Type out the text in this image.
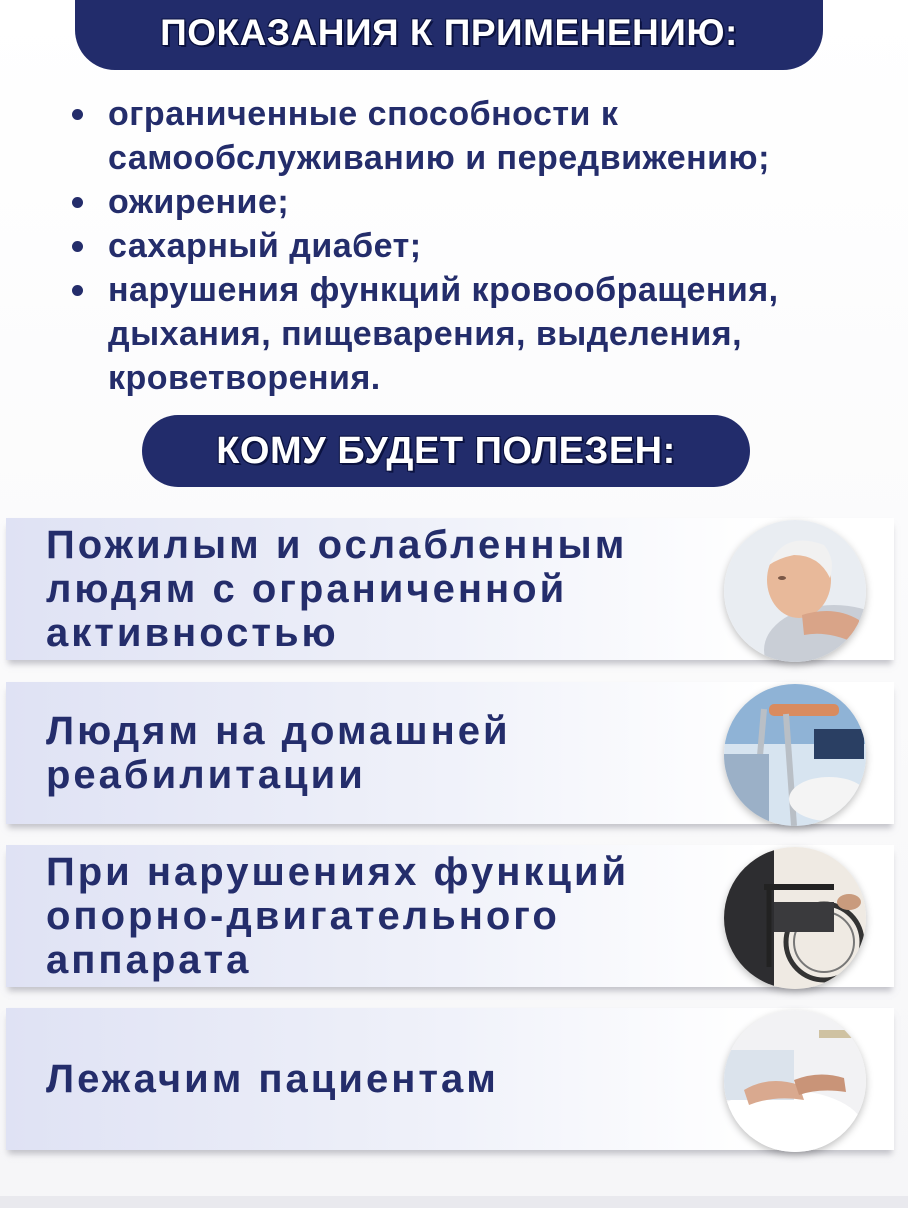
ПОКАЗАНИЯ К ПРИМЕНЕНИЮ:
ограниченные способности к самообслуживанию и передвижению;
ожирение;
сахарный диабет;
нарушения функций кровообращения, дыхания, пищеварения, выделения, кроветворения.
КОМУ БУДЕТ ПОЛЕЗЕН:
Пожилым и ослабленным людям с ограниченной активностью
Людям на домашней реабилитации
При нарушениях функций опорно-двигательного аппарата
Лежачим пациентам
